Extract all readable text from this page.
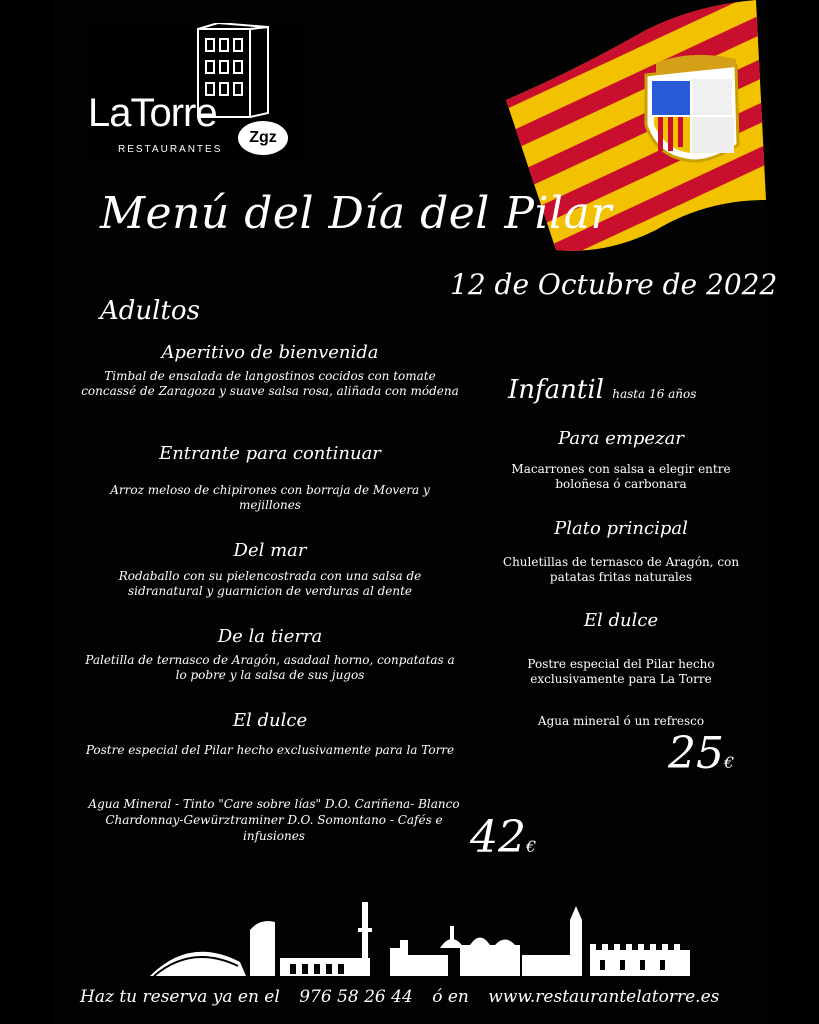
LaTorre
RESTAURANTES
Zgz
Menú del Día del Pilar
12 de Octubre de 2022
Adultos
Aperitivo de bienvenida
Timbal de ensalada de langostinos cocidos con tomate concassé de Zaragoza y suave salsa rosa, aliñada con módena
Entrante para continuar
Arroz meloso de chipirones con borraja de Movera y mejillones
Del mar
Rodaballo con su pielencostrada con una salsa de sidranatural y guarnicion de verduras al dente
De la tierra
Paletilla de ternasco de Aragón, asadaal horno, conpatatas a lo pobre y la salsa de sus jugos
El dulce
Postre especial del Pilar hecho exclusivamente para la Torre
Agua Mineral - Tinto "Care sobre lías" D.O. Cariñena- Blanco Chardonnay-Gewürztraminer D.O. Somontano - Cafés e infusiones	42€
Infantil hasta 16 años
Para empezar
Macarrones con salsa a elegir entre boloñesa ó carbonara
Plato principal
Chuletillas de ternasco de Aragón, con patatas fritas naturales
El dulce
Postre especial del Pilar hecho exclusivamente para La Torre
Agua mineral ó un refresco
25€
Haz tu reserva ya en el 976 58 26 44 ó en www.restaurantelatorre.es
